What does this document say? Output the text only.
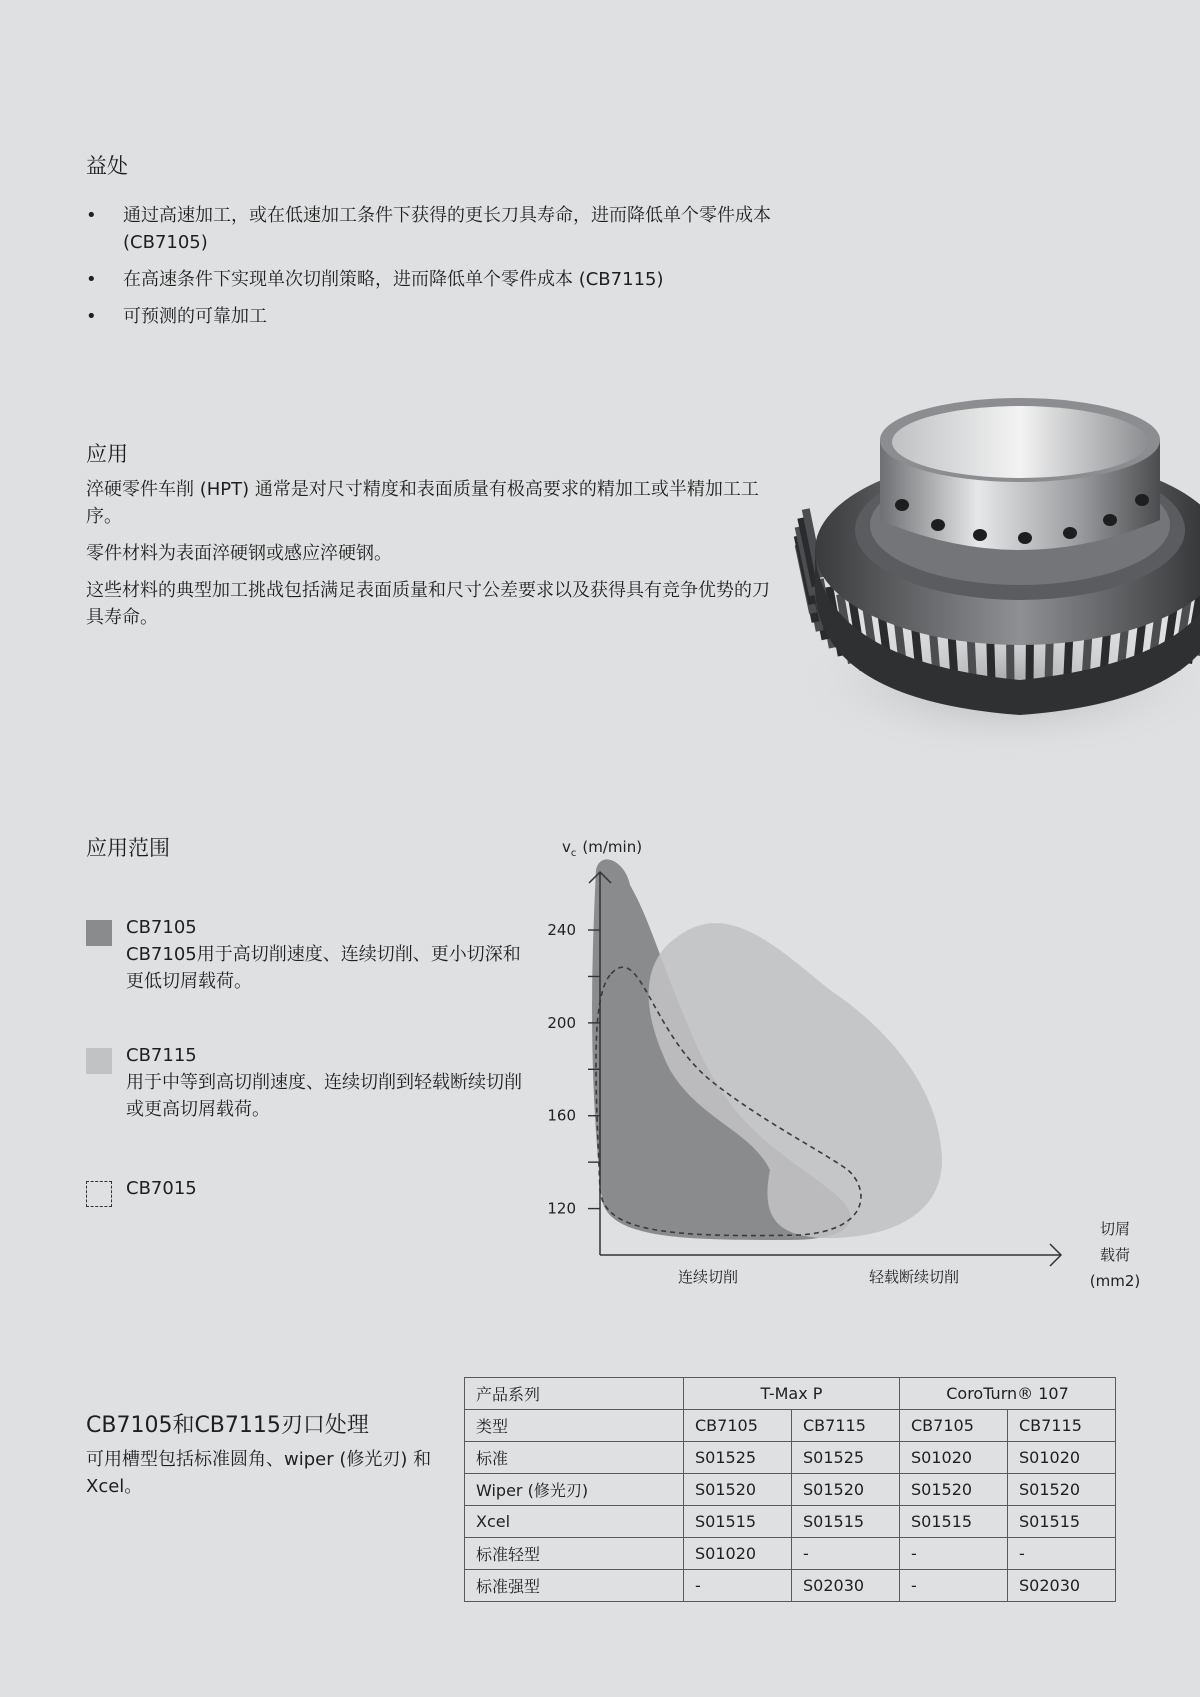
益处
• 通过高速加工，或在低速加工条件下获得的更长刀具寿命，进而降低单个零件成本 (CB7105)
• 在高速条件下实现单次切削策略，进而降低单个零件成本 (CB7115)
• 可预测的可靠加工
应用

淬硬零件车削 (HPT) 通常是对尺寸精度和表面质量有极高要求的精加工或半精加工工序。

零件材料为表面淬硬钢或感应淬硬钢。

这些材料的典型加工挑战包括满足表面质量和尺寸公差要求以及获得具有竞争优势的刀具寿命。

应用范围
CB7105
CB7105用于高切削速度、连续切削、更小切深和更低切屑载荷。
CB7115
用于中等到高切削速度、连续切削到轻载断续切削或更高切屑载荷。
CB7015
$v_c$ (m/min)
120
160
200
240
连续切削	轻载断续切削
切屑
载荷
(mm2)
CB7105和CB7115刃口处理

可用槽型包括标准圆角、wiper (修光刃) 和Xcel。

产品系列	T-Max P		CoroTurn® 107	
类型	CB7105	CB7115	CB7105	CB7115
标准	S01525	S01525	S01020	S01020
Wiper (修光刃)	S01520	S01520	S01520	S01520
Xcel	S01515	S01515	S01515	S01515
标准轻型	S01020	-	-	-
标准强型	-	S02030	-	S02030
